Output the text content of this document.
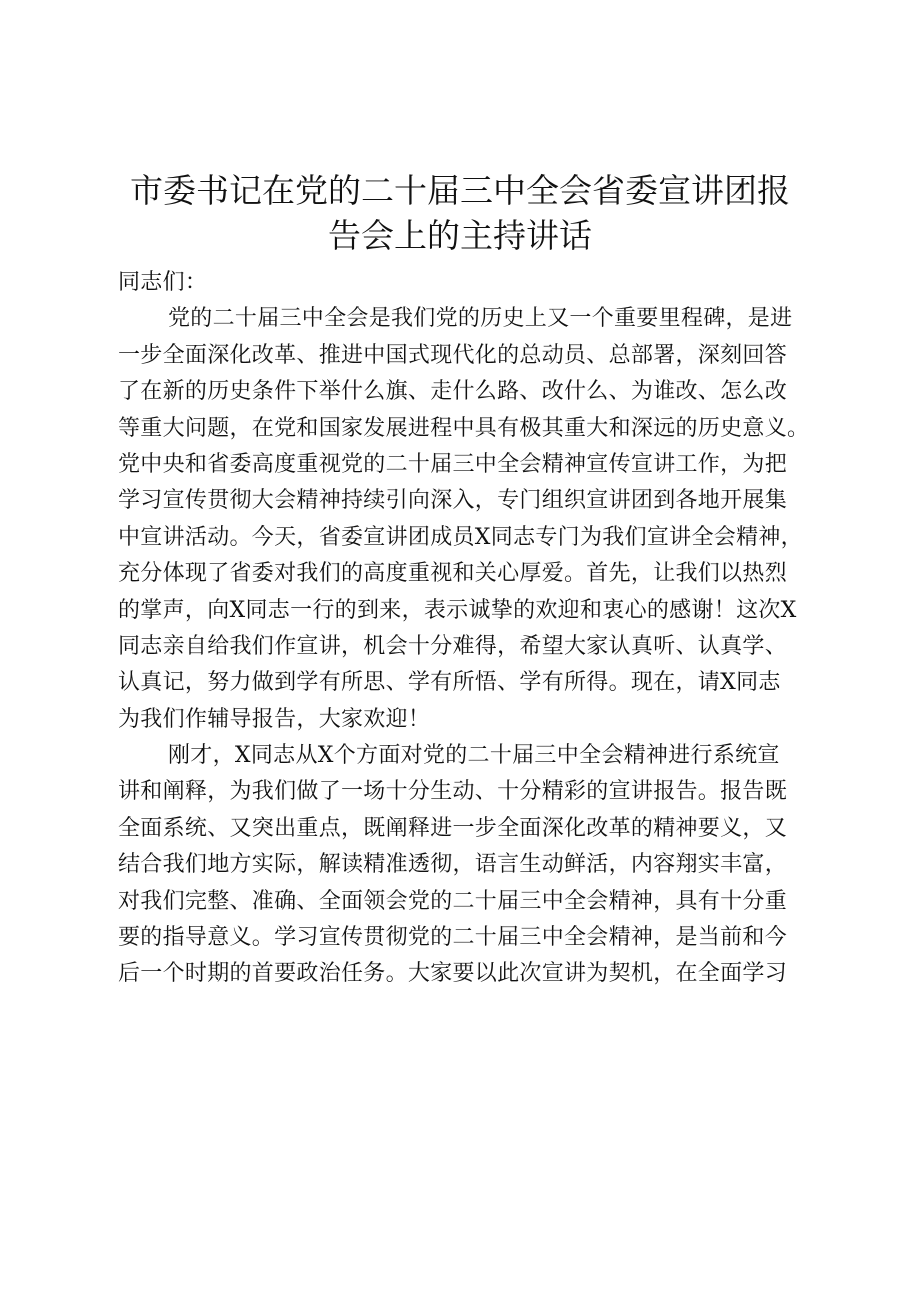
市委书记在党的二十届三中全会省委宣讲团报
告会上的主持讲话
同志们：
党的二十届三中全会是我们党的历史上又一个重要里程碑，是进
一步全面深化改革、推进中国式现代化的总动员、总部署，深刻回答
了在新的历史条件下举什么旗、走什么路、改什么、为谁改、怎么改
等重大问题，在党和国家发展进程中具有极其重大和深远的历史意义。
党中央和省委高度重视党的二十届三中全会精神宣传宣讲工作，为把
学习宣传贯彻大会精神持续引向深入，专门组织宣讲团到各地开展集
中宣讲活动。今天，省委宣讲团成员X同志专门为我们宣讲全会精神，
充分体现了省委对我们的高度重视和关心厚爱。首先，让我们以热烈
的掌声，向X同志一行的到来，表示诚挚的欢迎和衷心的感谢！这次X
同志亲自给我们作宣讲，机会十分难得，希望大家认真听、认真学、
认真记，努力做到学有所思、学有所悟、学有所得。现在，请X同志
为我们作辅导报告，大家欢迎！
刚才，X同志从X个方面对党的二十届三中全会精神进行系统宣
讲和阐释，为我们做了一场十分生动、十分精彩的宣讲报告。报告既
全面系统、又突出重点，既阐释进一步全面深化改革的精神要义，又
结合我们地方实际，解读精准透彻，语言生动鲜活，内容翔实丰富，
对我们完整、准确、全面领会党的二十届三中全会精神，具有十分重
要的指导意义。学习宣传贯彻党的二十届三中全会精神，是当前和今
后一个时期的首要政治任务。大家要以此次宣讲为契机，在全面学习
